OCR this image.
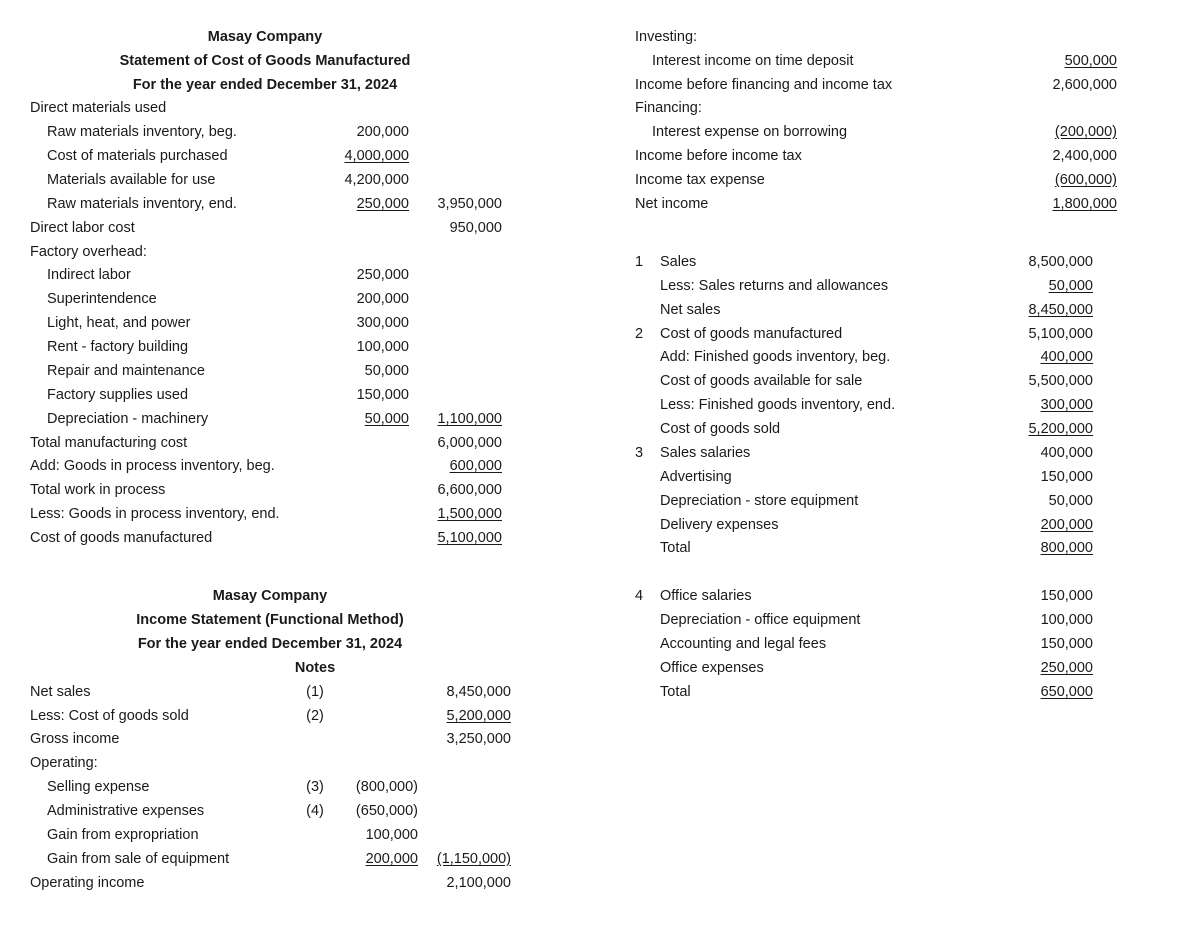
Masay Company
Statement of Cost of Goods Manufactured
For the year ended December 31, 2024
Direct materials used
Raw materials inventory, beg.	200,000
Cost of materials purchased	4,000,000
Materials available for use	4,200,000
Raw materials inventory, end.	250,000	3,950,000
Direct labor cost	950,000
Factory overhead:
Indirect labor	250,000
Superintendence	200,000
Light, heat, and power	300,000
Rent - factory building	100,000
Repair and maintenance	50,000
Factory supplies used	150,000
Depreciation - machinery	50,000	1,100,000
Total manufacturing cost	6,000,000
Add: Goods in process inventory, beg.	600,000
Total work in process	6,600,000
Less: Goods in process inventory, end.	1,500,000
Cost of goods manufactured	5,100,000
Masay Company
Income Statement (Functional Method)
For the year ended December 31, 2024
Notes
Net sales	(1)	8,450,000
Less: Cost of goods sold	(2)	5,200,000
Gross income	3,250,000
Operating:
Selling expense	(3)	(800,000)
Administrative expenses	(4)	(650,000)
Gain from expropriation	100,000
Gain from sale of equipment	200,000	(1,150,000)
Operating income	2,100,000
Investing:
Interest income on time deposit	500,000
Income before financing and income tax	2,600,000
Financing:
Interest expense on borrowing	(200,000)
Income before income tax	2,400,000
Income tax expense	(600,000)
Net income	1,800,000
1 Sales	8,500,000
Less: Sales returns and allowances	50,000
Net sales	8,450,000
2 Cost of goods manufactured	5,100,000
Add: Finished goods inventory, beg.	400,000
Cost of goods available for sale	5,500,000
Less: Finished goods inventory, end.	300,000
Cost of goods sold	5,200,000
3 Sales salaries	400,000
Advertising	150,000
Depreciation - store equipment	50,000
Delivery expenses	200,000
Total	800,000
4 Office salaries	150,000
Depreciation - office equipment	100,000
Accounting and legal fees	150,000
Office expenses	250,000
Total	650,000
